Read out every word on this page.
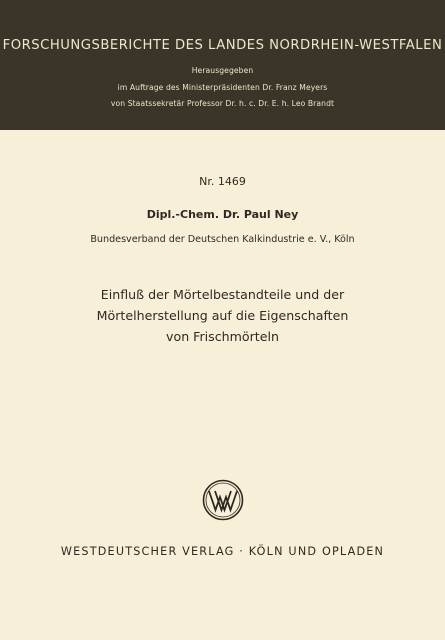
FORSCHUNGSBERICHTE DES LANDES NORDRHEIN-WESTFALEN
Herausgegeben
im Auftrage des Ministerpräsidenten Dr. Franz Meyers
von Staatssekretär Professor Dr. h. c. Dr. E. h. Leo Brandt
Nr. 1469
Dipl.-Chem. Dr. Paul Ney
Bundesverband der Deutschen Kalkindustrie e. V., Köln
Einfluß der Mörtelbestandteile und der
Mörtelherstellung auf die Eigenschaften
von Frischmörteln
WESTDEUTSCHER VERLAG · KÖLN UND OPLADEN
